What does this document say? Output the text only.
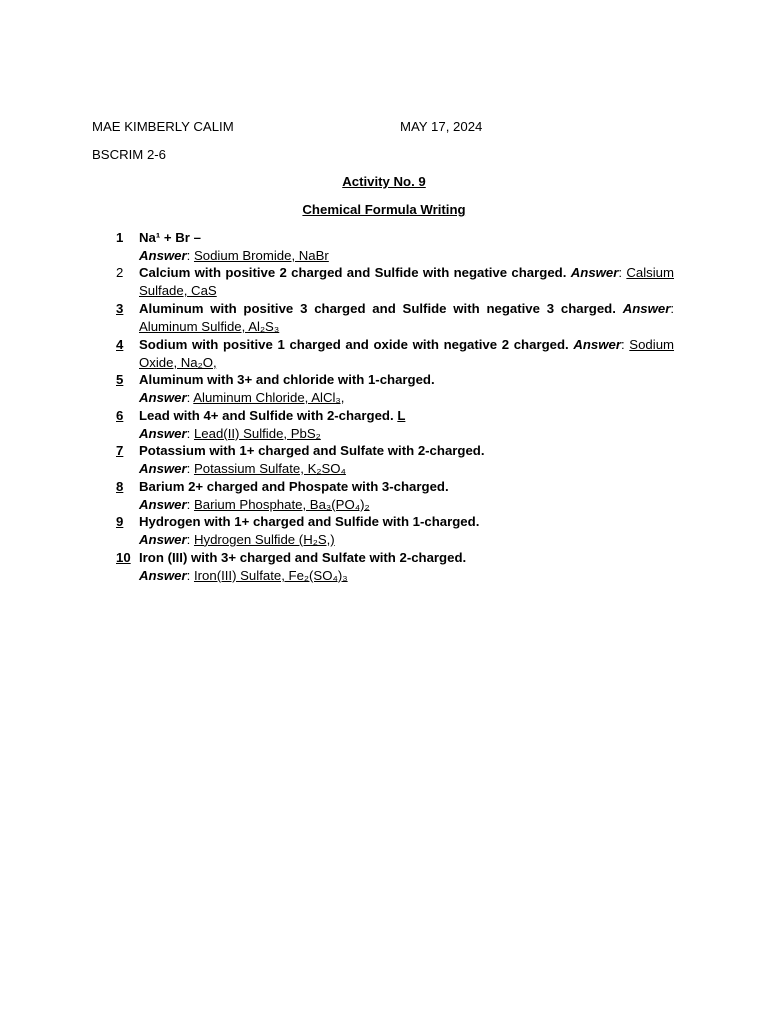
MAE KIMBERLY CALIM	MAY 17, 2024
BSCRIM 2-6
Activity No. 9
Chemical Formula Writing
1	Na¹ + Br –
Answer: Sodium Bromide, NaBr
2	Calcium with positive 2 charged and Sulfide with negative charged. Answer: Calsium Sulfade, CaS
3	Aluminum with positive 3 charged and Sulfide with negative 3 charged. Answer: Aluminum Sulfide, Al₂S₃
4	Sodium with positive 1 charged and oxide with negative 2 charged. Answer: Sodium Oxide, Na₂O,
5	Aluminum with 3+ and chloride with 1-charged.
Answer: Aluminum Chloride, AlCl₃,
6	Lead with 4+ and Sulfide with 2-charged. L
Answer: Lead(II) Sulfide, PbS₂
7	Potassium with 1+ charged and Sulfate with 2-charged.
Answer: Potassium Sulfate, K₂SO₄
8	Barium 2+ charged and Phospate with 3-charged.
Answer: Barium Phosphate, Ba₃(PO₄)₂
9	Hydrogen with 1+ charged and Sulfide with 1-charged.
Answer: Hydrogen Sulfide (H₂S,)
10 Iron (III) with 3+ charged and Sulfate with 2-charged.
Answer: Iron(III) Sulfate, Fe₂(SO₄)₃
